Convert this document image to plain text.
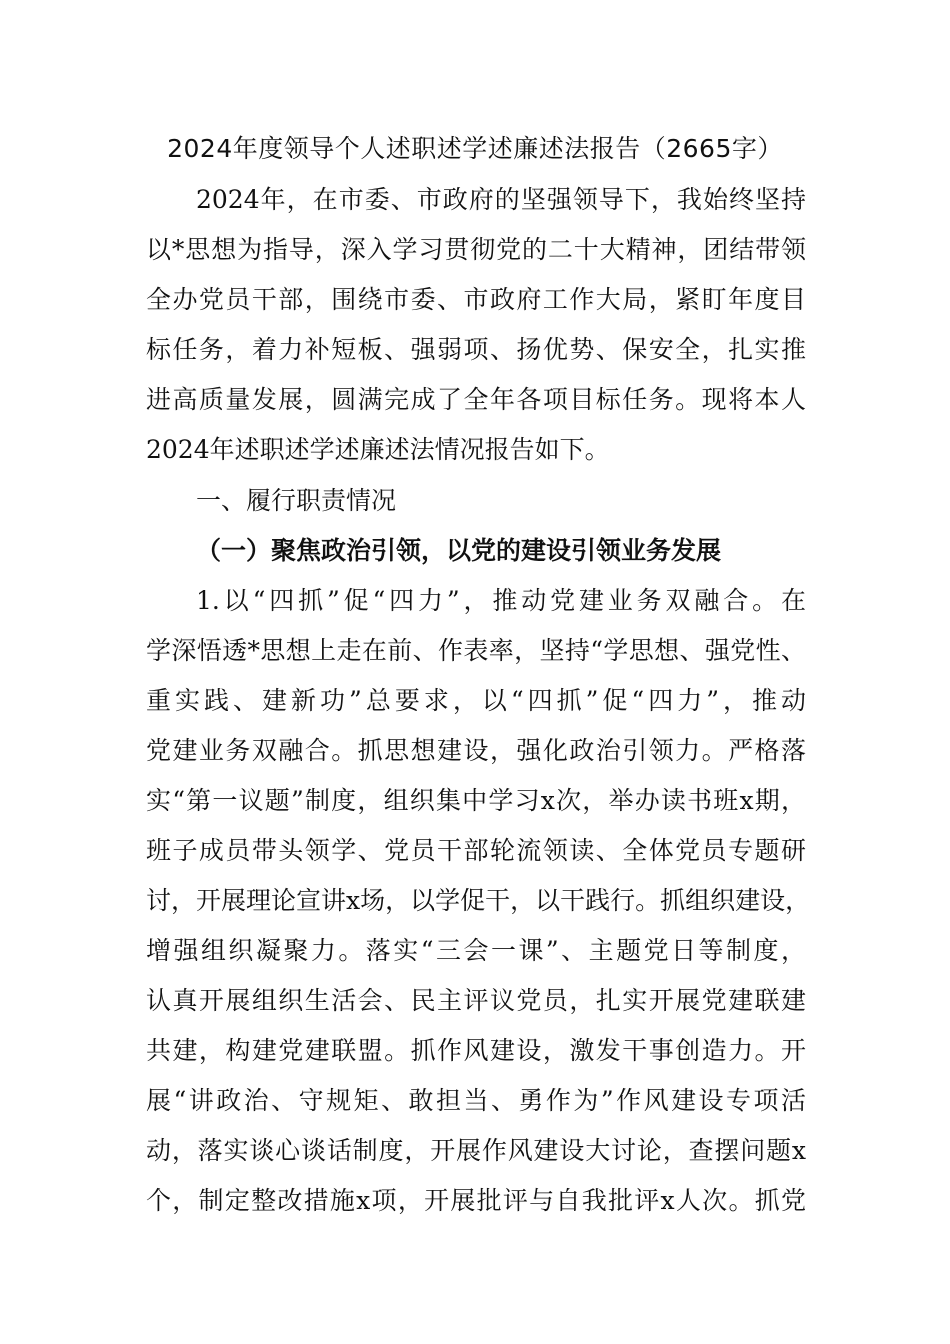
2024年度领导个人述职述学述廉述法报告（2665字）
2024年，在市委、市政府的坚强领导下，我始终坚持
以*思想为指导，深入学习贯彻党的二十大精神，团结带领
全办党员干部，围绕市委、市政府工作大局，紧盯年度目
标任务，着力补短板、强弱项、扬优势、保安全，扎实推
进高质量发展，圆满完成了全年各项目标任务。现将本人
2024年述职述学述廉述法情况报告如下。
一、履行职责情况
（一）聚焦政治引领，以党的建设引领业务发展
1.以“四抓”促“四力”，推动党建业务双融合。在
学深悟透*思想上走在前、作表率，坚持“学思想、强党性、
重实践、建新功”总要求，以“四抓”促“四力”，推动
党建业务双融合。抓思想建设，强化政治引领力。严格落
实“第一议题”制度，组织集中学习x次，举办读书班x期，
班子成员带头领学、党员干部轮流领读、全体党员专题研
讨，开展理论宣讲x场，以学促干，以干践行。抓组织建设，
增强组织凝聚力。落实“三会一课”、主题党日等制度，
认真开展组织生活会、民主评议党员，扎实开展党建联建
共建，构建党建联盟。抓作风建设，激发干事创造力。开
展“讲政治、守规矩、敢担当、勇作为”作风建设专项活
动，落实谈心谈话制度，开展作风建设大讨论，查摆问题x
个，制定整改措施x项，开展批评与自我批评x人次。抓党
